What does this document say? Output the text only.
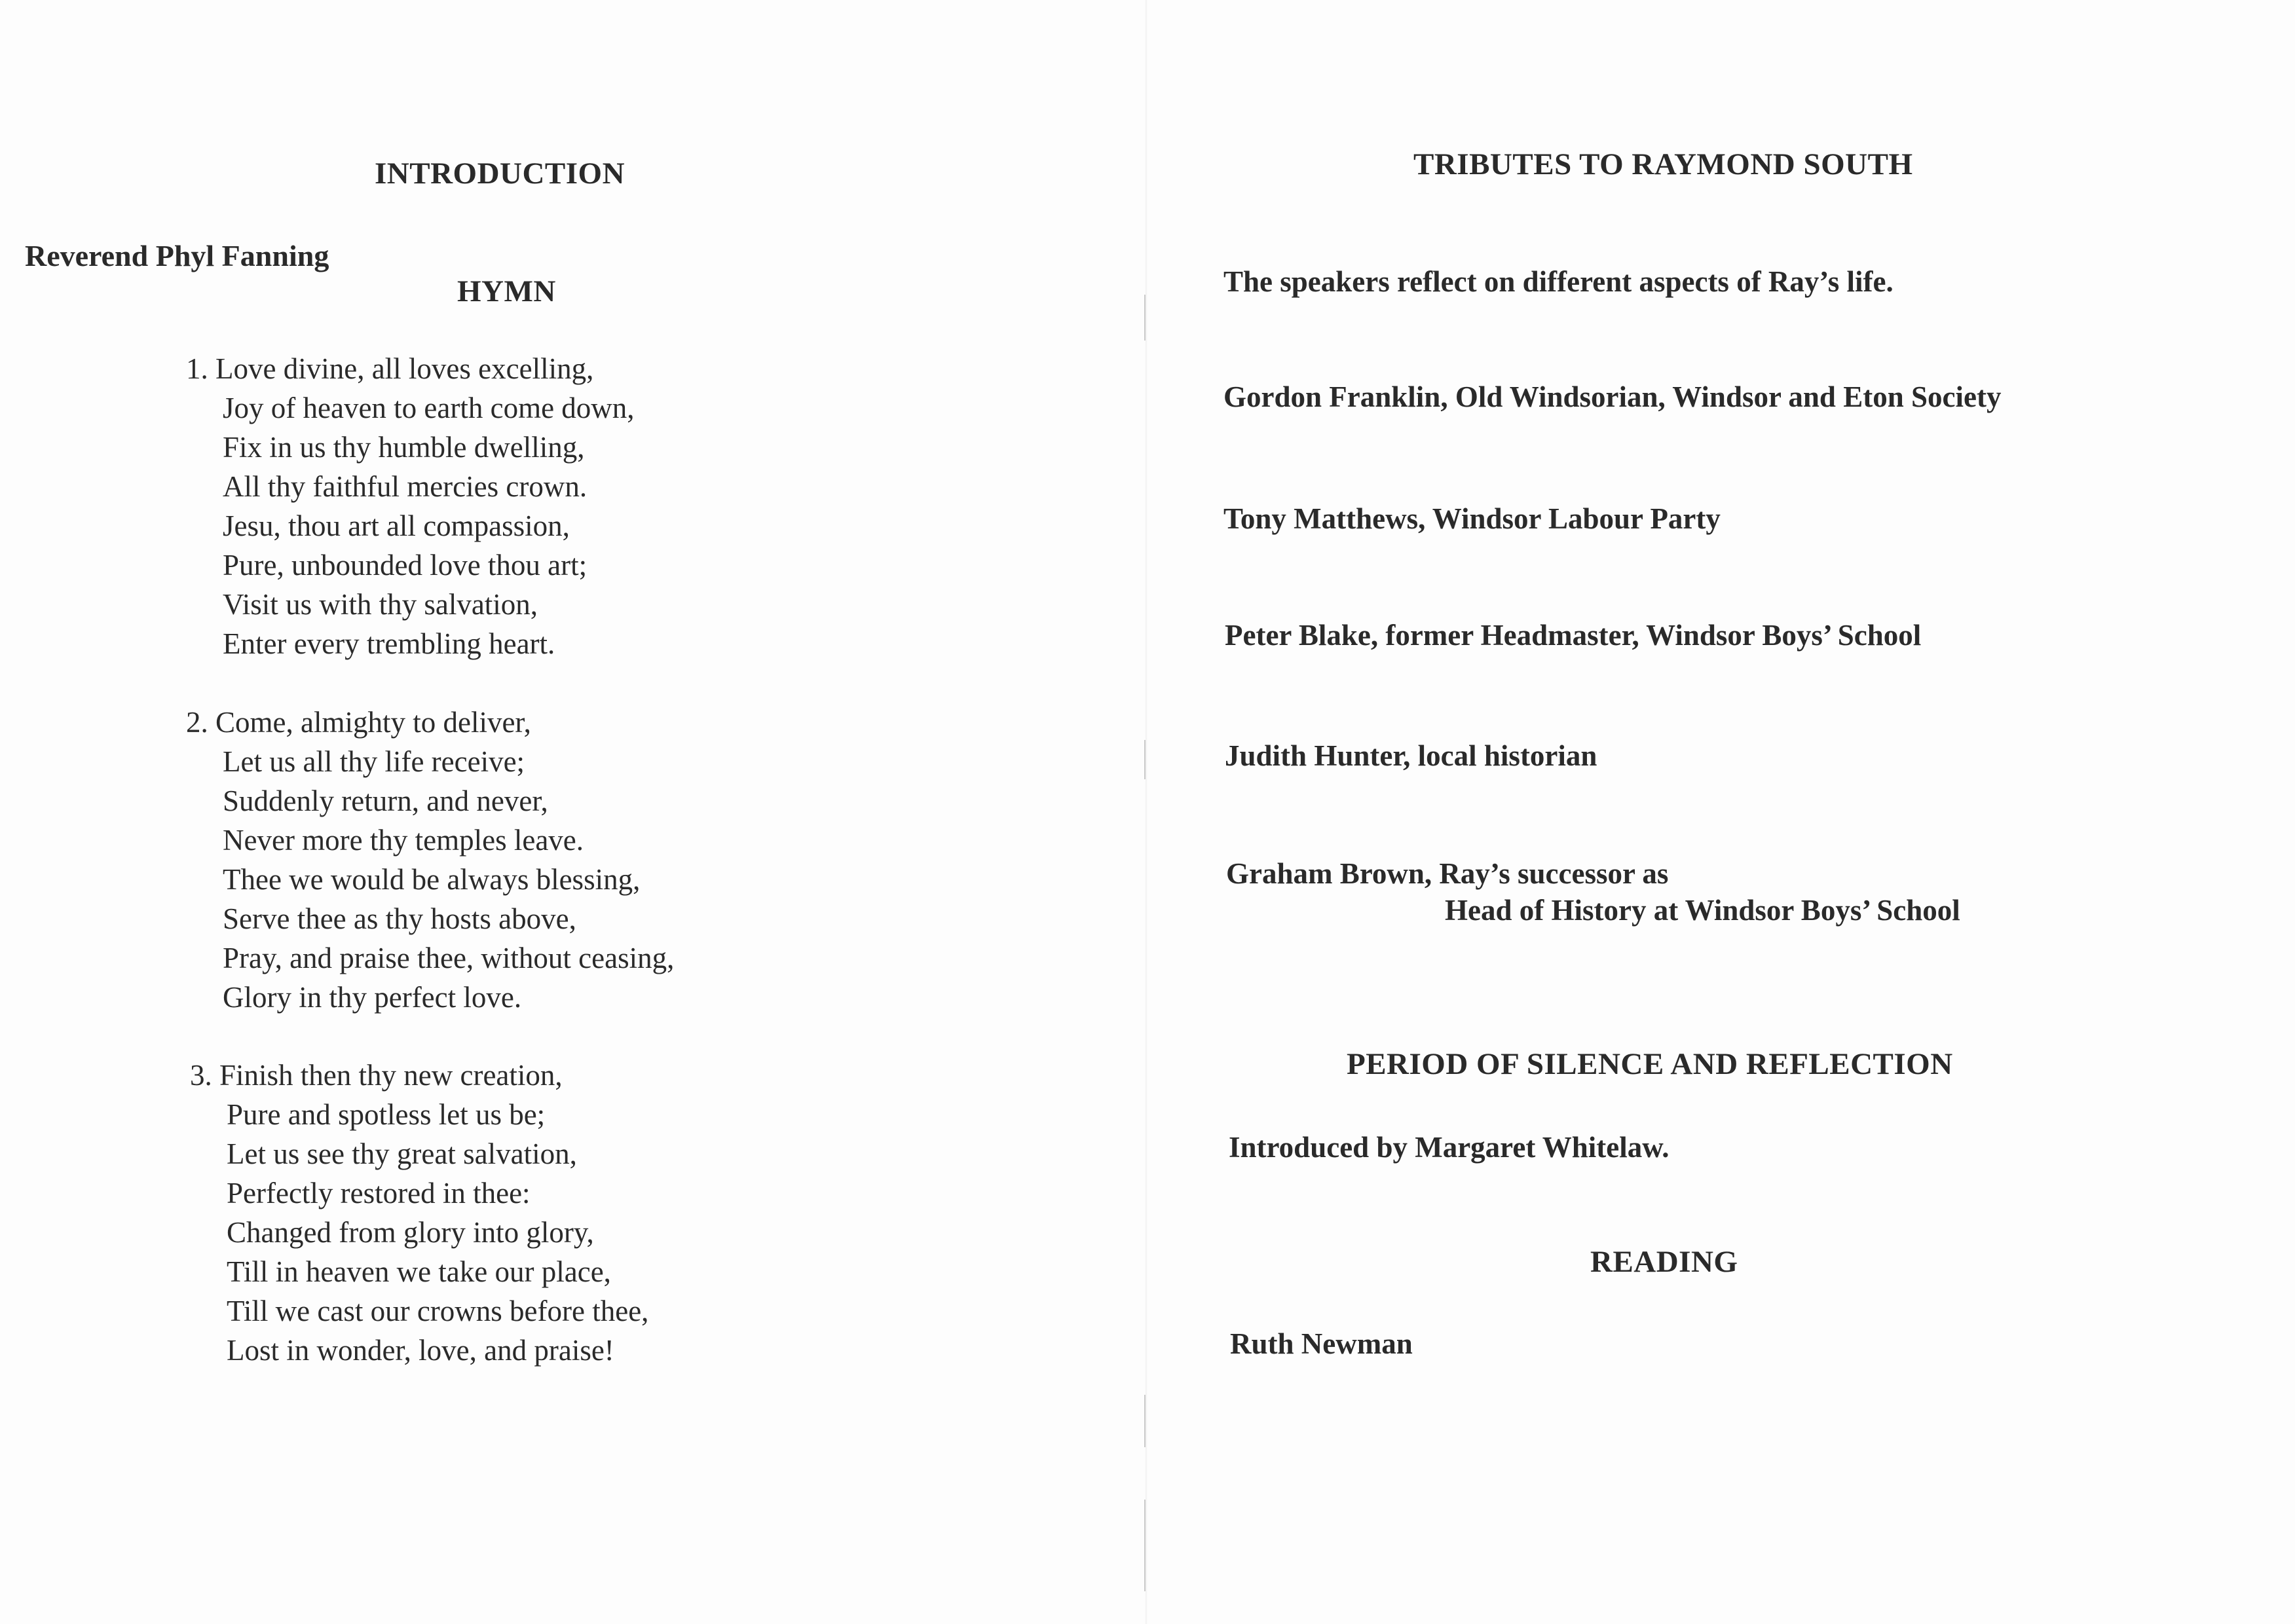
INTRODUCTION
Reverend Phyl Fanning
HYMN
1. Love divine, all loves excelling,
Joy of heaven to earth come down,
Fix in us thy humble dwelling,
All thy faithful mercies crown.
Jesu, thou art all compassion,
Pure, unbounded love thou art;
Visit us with thy salvation,
Enter every trembling heart.
2. Come, almighty to deliver,
Let us all thy life receive;
Suddenly return, and never,
Never more thy temples leave.
Thee we would be always blessing,
Serve thee as thy hosts above,
Pray, and praise thee, without ceasing,
Glory in thy perfect love.
3. Finish then thy new creation,
Pure and spotless let us be;
Let us see thy great salvation,
Perfectly restored in thee:
Changed from glory into glory,
Till in heaven we take our place,
Till we cast our crowns before thee,
Lost in wonder, love, and praise!
TRIBUTES TO RAYMOND SOUTH
The speakers reflect on different aspects of Ray’s life.
Gordon Franklin, Old Windsorian, Windsor and Eton Society
Tony Matthews, Windsor Labour Party
Peter Blake, former Headmaster, Windsor Boys’ School
Judith Hunter, local historian
Graham Brown, Ray’s successor as
Head of History at Windsor Boys’ School
PERIOD OF SILENCE AND REFLECTION
Introduced by Margaret Whitelaw.
READING
Ruth Newman
